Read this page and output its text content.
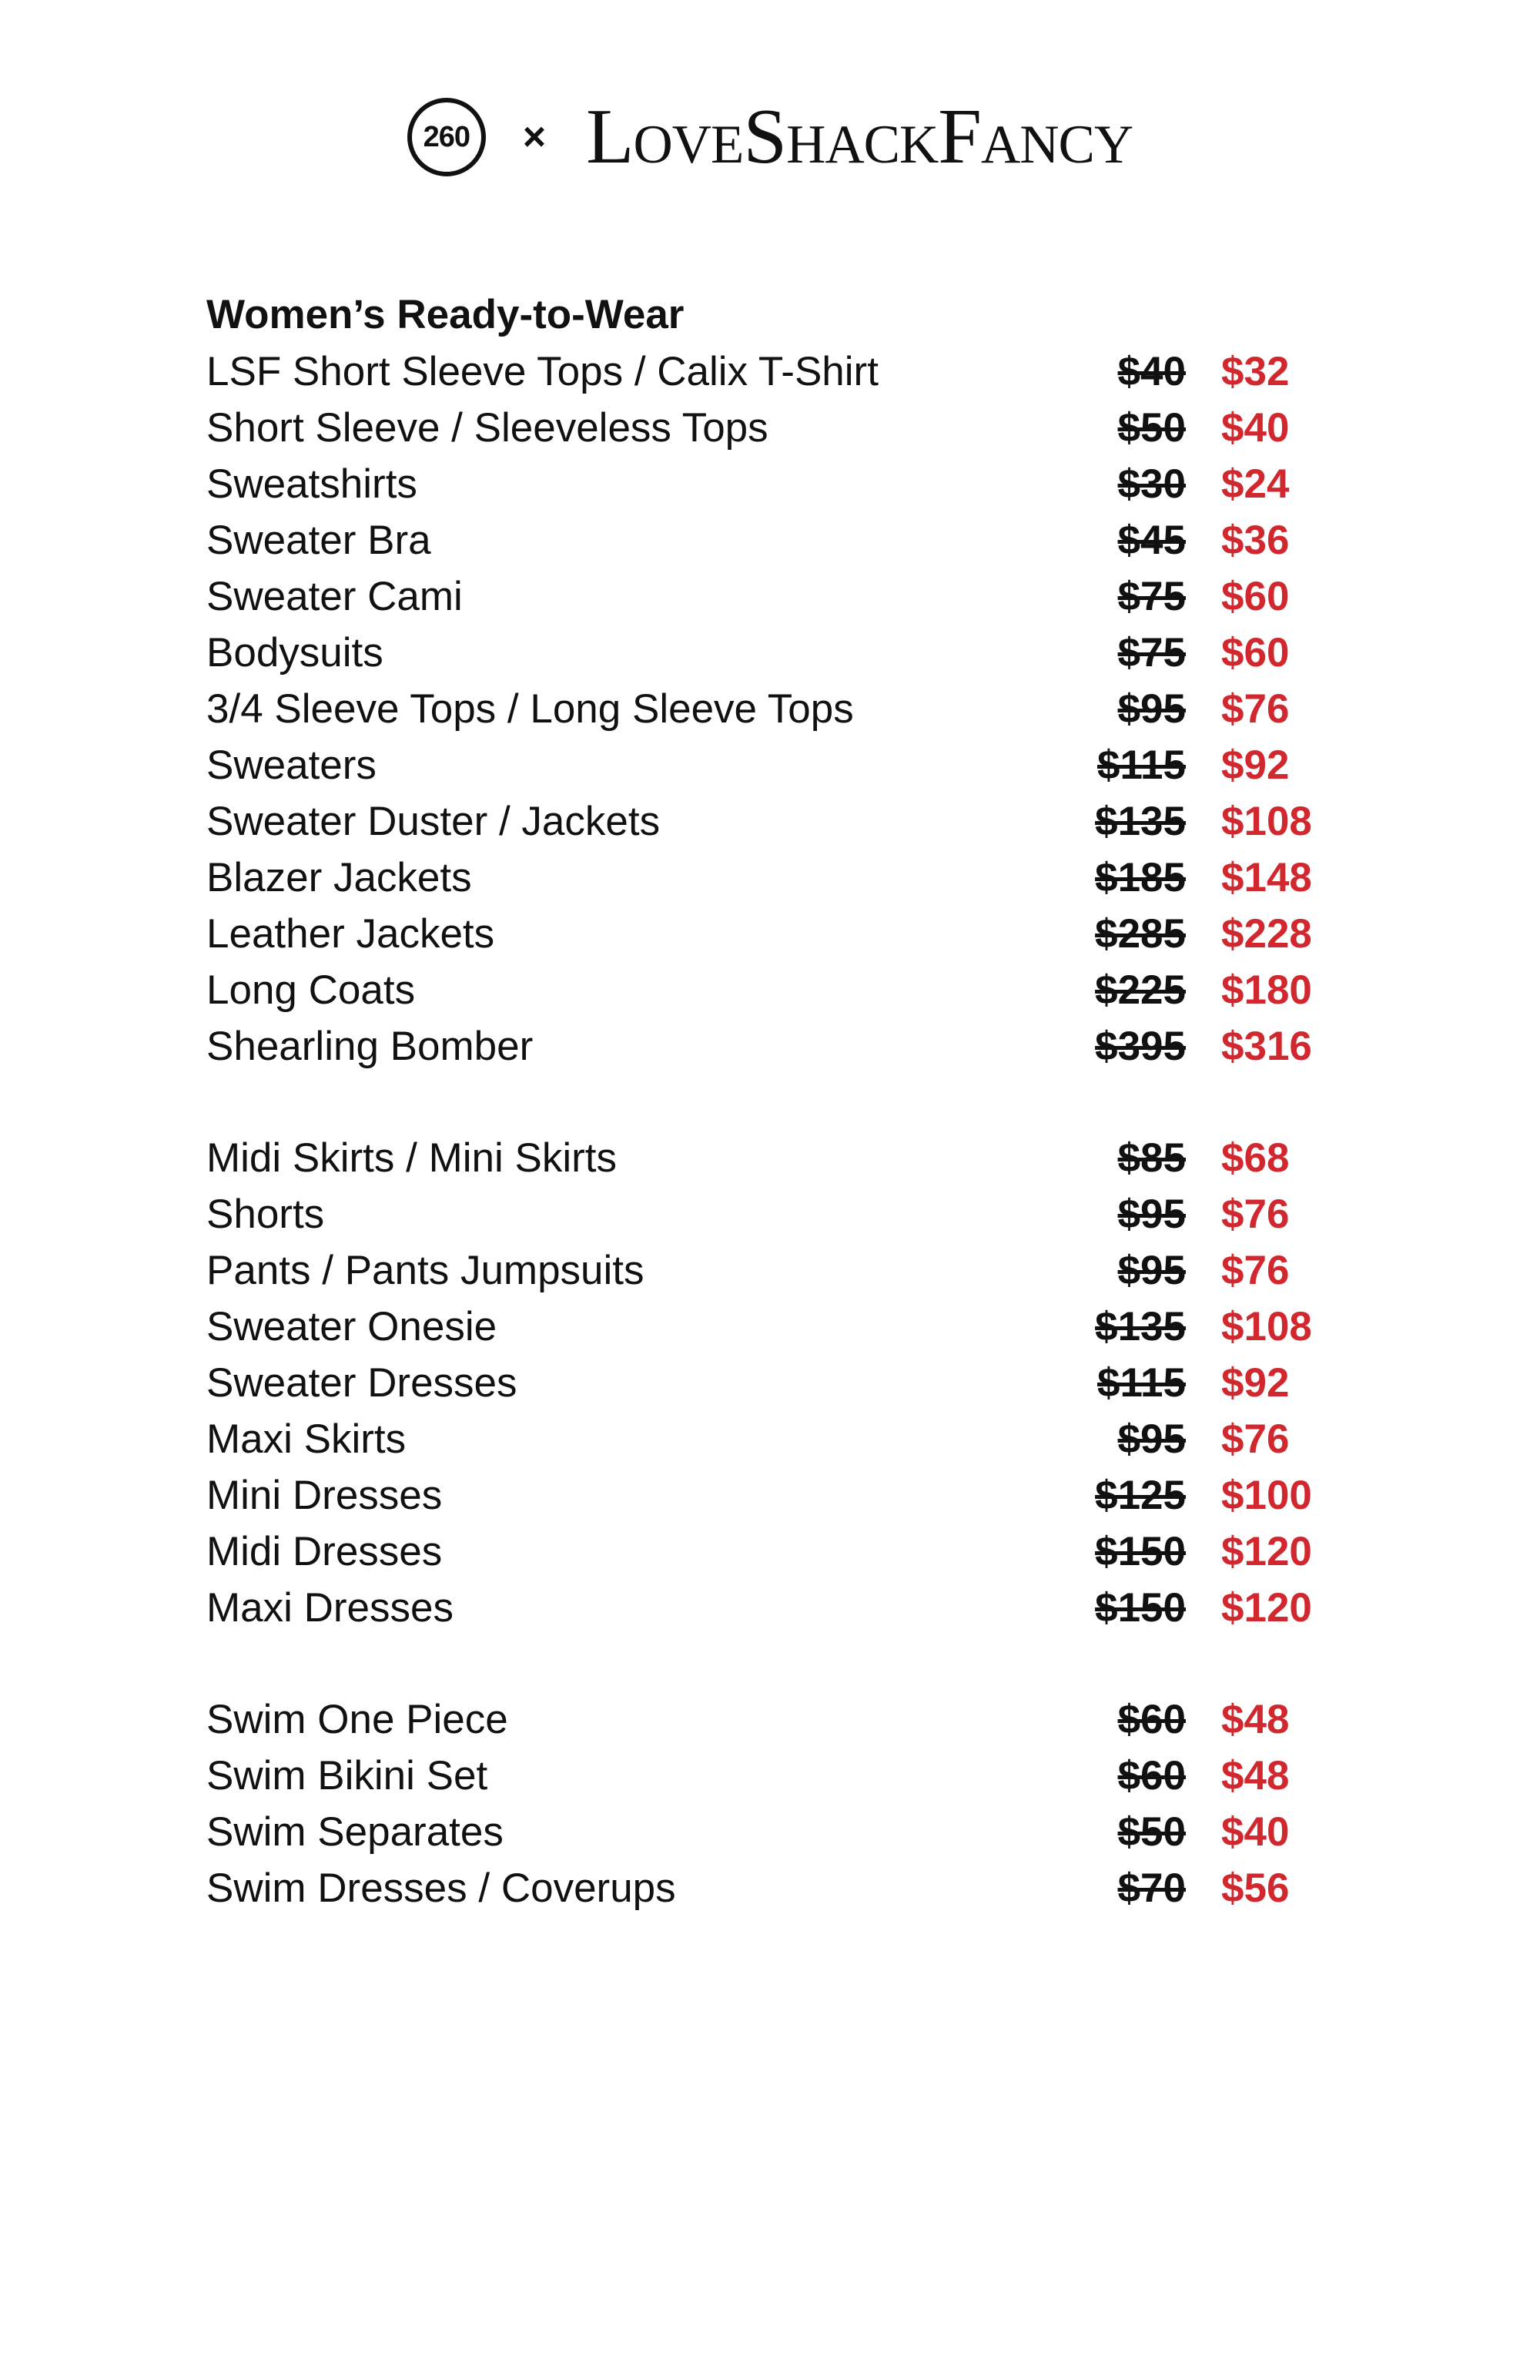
260	× LoveShackFancy
Women’s Ready-to-Wear
LSF Short Sleeve Tops / Calix T-Shirt	$40 $32
Short Sleeve / Sleeveless Tops	$50 $40
Sweatshirts	$30 $24
Sweater Bra	$45 $36
Sweater Cami	$75 $60
Bodysuits	$75 $60
3/4 Sleeve Tops / Long Sleeve Tops	$95 $76
Sweaters	$115 $92
Sweater Duster / Jackets	$135 $108
Blazer Jackets	$185 $148
Leather Jackets	$285 $228
Long Coats	$225 $180
Shearling Bomber	$395 $316
Midi Skirts / Mini Skirts	$85 $68
Shorts	$95 $76
Pants / Pants Jumpsuits	$95 $76
Sweater Onesie	$135 $108
Sweater Dresses	$115 $92
Maxi Skirts	$95 $76
Mini Dresses	$125 $100
Midi Dresses	$150 $120
Maxi Dresses	$150 $120
Swim One Piece	$60 $48
Swim Bikini Set	$60 $48
Swim Separates	$50 $40
Swim Dresses / Coverups	$70 $56
